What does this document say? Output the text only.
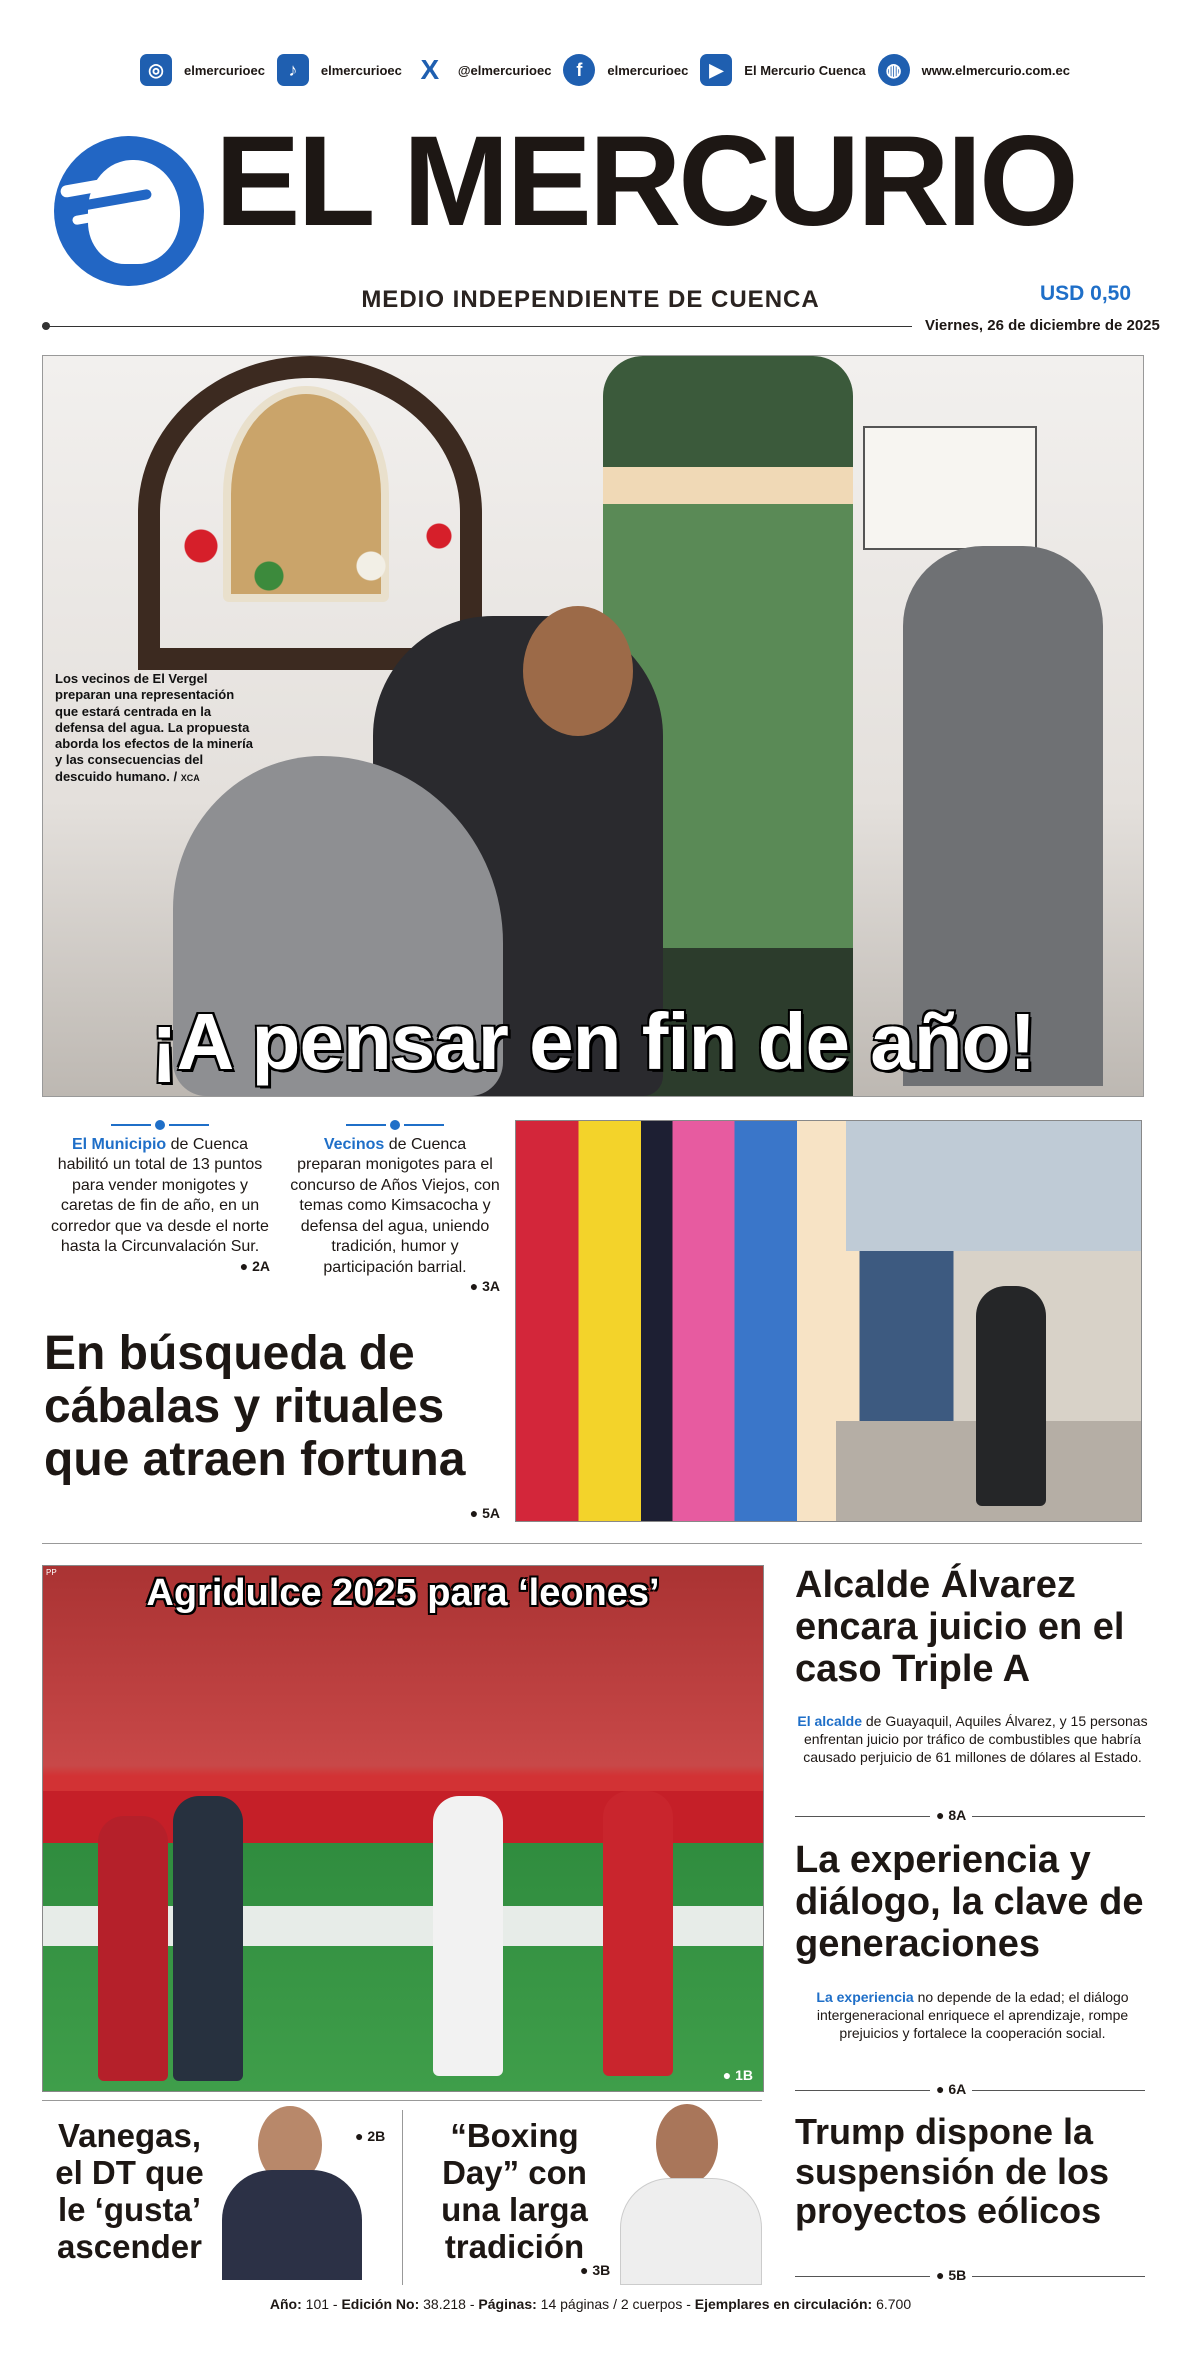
◎	elmercurioec	♪	elmercurioec X	@elmercurioec	f	elmercurioec	▶	El Mercurio Cuenca	◍	www.elmercurio.com.ec
EL MERCURIO
MEDIO INDEPENDIENTE DE CUENCA	USD 0,50
Viernes, 26 de diciembre de 2025
Los vecinos de El Vergel preparan una representación que estará centrada en la defensa del agua. La propuesta aborda los efectos de la minería y las consecuencias del descuido humano. / XCA
¡A pensar en fin de año!
El Municipio de Cuenca habilitó un total de 13 puntos para vender monigotes y caretas de fin de año, en un corredor que va desde el norte hasta la Circunvalación Sur.
● 2A
Vecinos de Cuenca preparan monigotes para el concurso de Años Viejos, con temas como Kimsacocha y defensa del agua, uniendo tradición, humor y participación barrial.
● 3A
En búsqueda de cábalas y rituales que atraen fortuna
● 5A
PP	Agridulce 2025 para ‘leones’
● 1B
Alcalde Álvarez encara juicio en el caso Triple A
El alcalde de Guayaquil, Aquiles Álvarez, y 15 personas enfrentan juicio por tráfico de combustibles que habría causado perjuicio de 61 millones de dólares al Estado.
● 8A
La experiencia y diálogo, la clave de generaciones
La experiencia no depende de la edad; el diálogo intergeneracional enriquece el aprendizaje, rompe prejuicios y fortalece la cooperación social.
● 6A
Trump dispone la suspensión de los proyectos eólicos
● 5B
Vanegas, el DT que le ‘gusta’ ascender
● 2B	“Boxing Day” con una larga tradición
● 3B
Año: 101 - Edición No: 38.218 - Páginas: 14 páginas / 2 cuerpos - Ejemplares en circulación: 6.700
